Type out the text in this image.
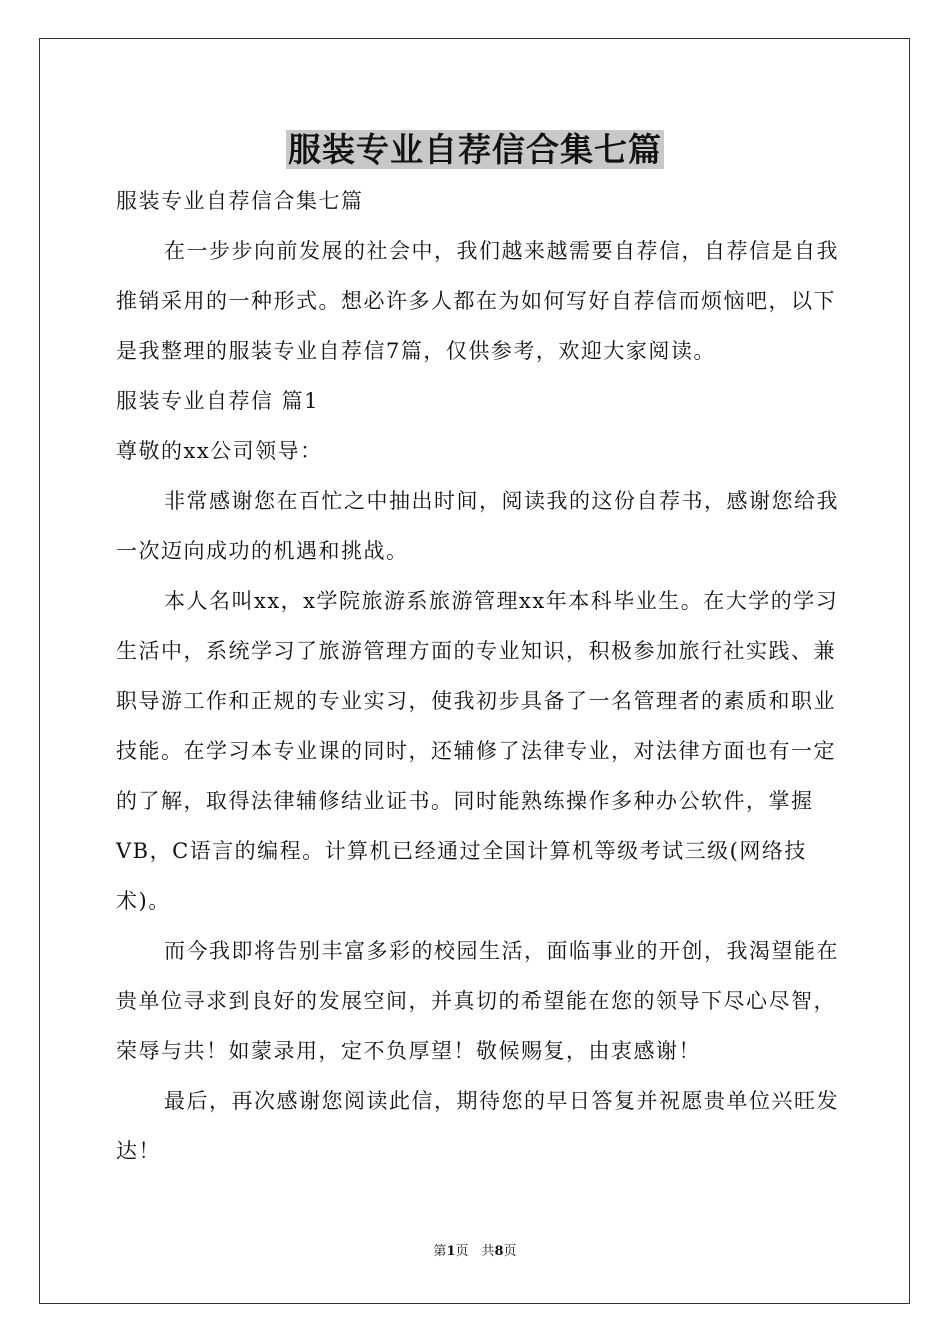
服装专业自荐信合集七篇

服装专业自荐信合集七篇

在一步步向前发展的社会中，我们越来越需要自荐信，自荐信是自我推销采用的一种形式。想必许多人都在为如何写好自荐信而烦恼吧，以下是我整理的服装专业自荐信7篇，仅供参考，欢迎大家阅读。

服装专业自荐信 篇1

尊敬的xx公司领导：

非常感谢您在百忙之中抽出时间，阅读我的这份自荐书，感谢您给我一次迈向成功的机遇和挑战。

本人名叫xx，x学院旅游系旅游管理xx年本科毕业生。在大学的学习生活中，系统学习了旅游管理方面的专业知识，积极参加旅行社实践、兼职导游工作和正规的专业实习，使我初步具备了一名管理者的素质和职业技能。在学习本专业课的同时，还辅修了法律专业，对法律方面也有一定的了解，取得法律辅修结业证书。同时能熟练操作多种办公软件，掌握VB，C语言的编程。计算机已经通过全国计算机等级考试三级(网络技术)。

而今我即将告别丰富多彩的校园生活，面临事业的开创，我渴望能在贵单位寻求到良好的发展空间，并真切的希望能在您的领导下尽心尽智，荣辱与共！如蒙录用，定不负厚望！敬候赐复，由衷感谢！

最后，再次感谢您阅读此信，期待您的早日答复并祝愿贵单位兴旺发达！

第1页　共8页
